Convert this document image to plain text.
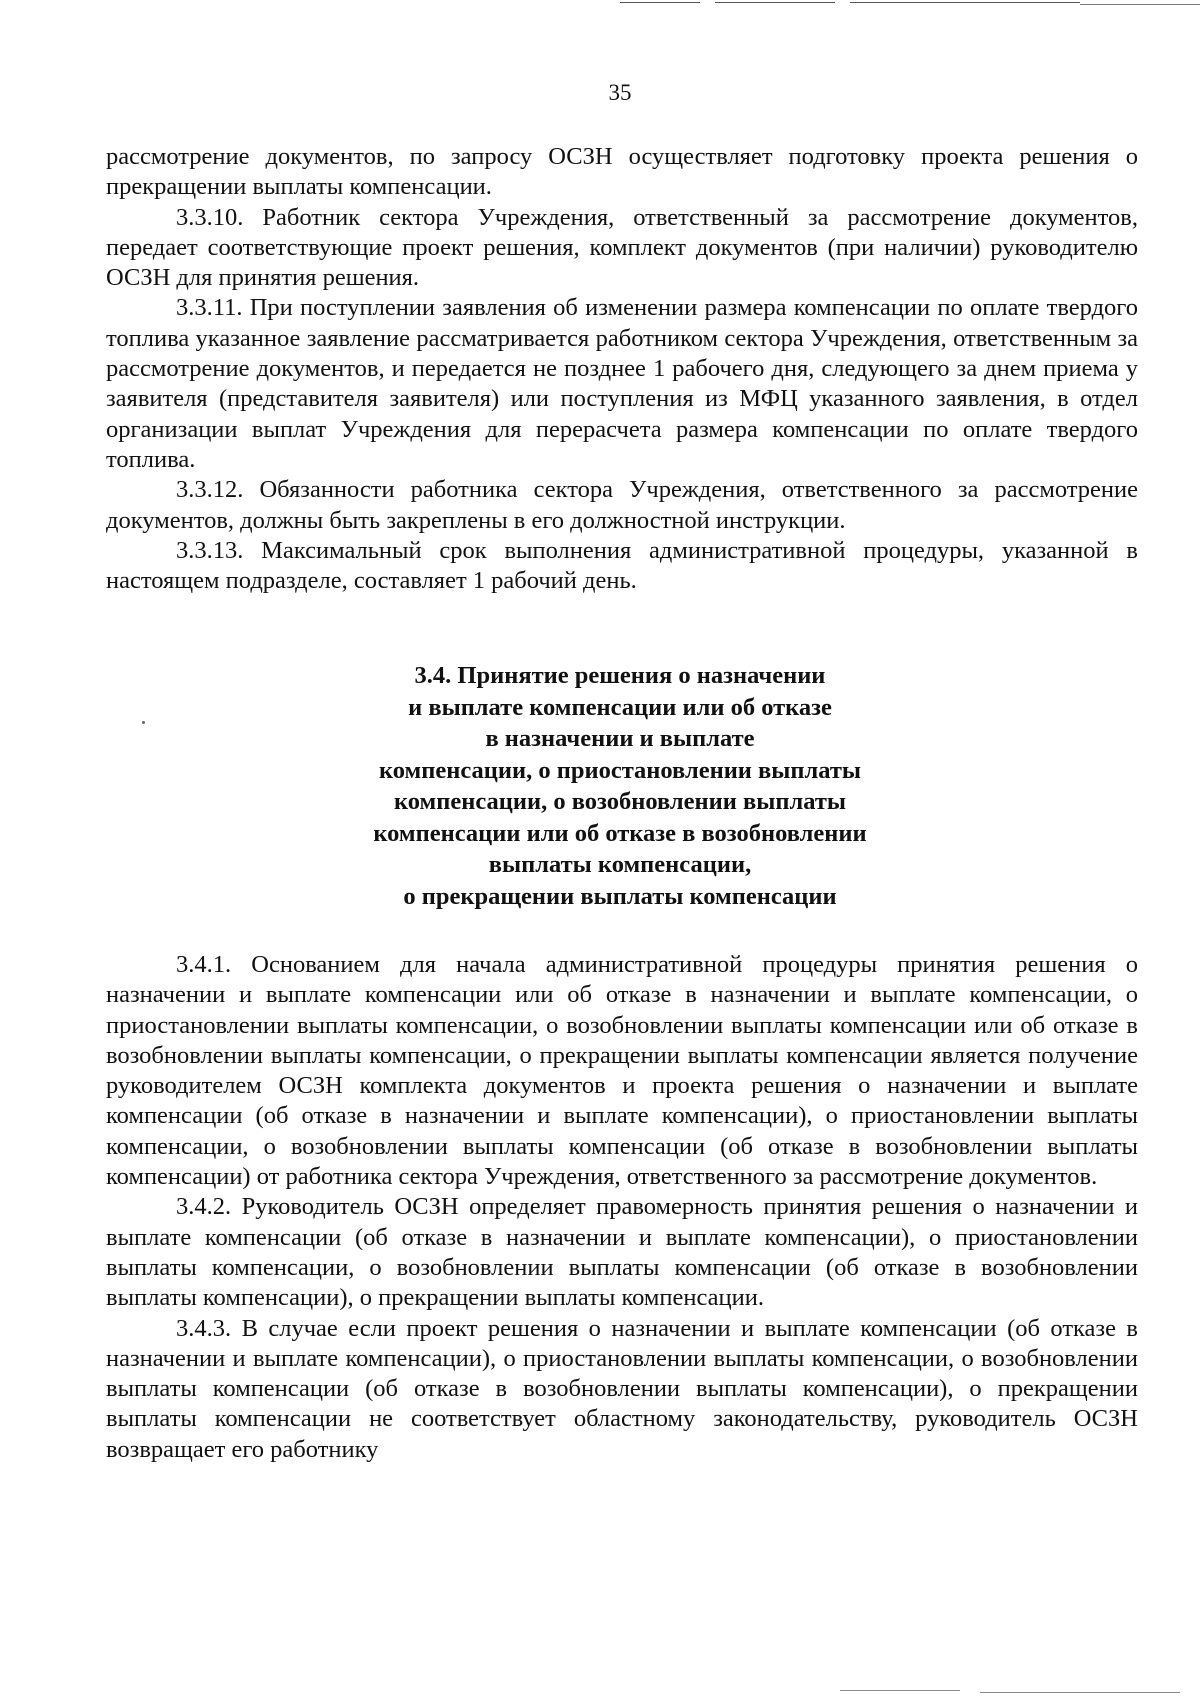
35

рассмотрение документов, по запросу ОСЗН осуществляет подготовку проекта решения о прекращении выплаты компенсации.

3.3.10. Работник сектора Учреждения, ответственный за рассмотрение документов, передает соответствующие проект решения, комплект документов (при наличии) руководителю ОСЗН для принятия решения.

3.3.11. При поступлении заявления об изменении размера компенсации по оплате твердого топлива указанное заявление рассматривается работником сектора Учреждения, ответственным за рассмотрение документов, и передается не позднее 1 рабочего дня, следующего за днем приема у заявителя (представителя заявителя) или поступления из МФЦ указанного заявления, в отдел организации выплат Учреждения для перерасчета размера компенсации по оплате твердого топлива.

3.3.12. Обязанности работника сектора Учреждения, ответственного за рассмотрение документов, должны быть закреплены в его должностной инструкции.

3.3.13. Максимальный срок выполнения административной процедуры, указанной в настоящем подразделе, составляет 1 рабочий день.

3.4. Принятие решения о назначении
и выплате компенсации или об отказе
в назначении и выплате
компенсации, о приостановлении выплаты
компенсации, о возобновлении выплаты
компенсации или об отказе в возобновлении
выплаты компенсации,
о прекращении выплаты компенсации

3.4.1. Основанием для начала административной процедуры принятия решения о назначении и выплате компенсации или об отказе в назначении и выплате компенсации, о приостановлении выплаты компенсации, о возобновлении выплаты компенсации или об отказе в возобновлении выплаты компенсации, о прекращении выплаты компенсации является получение руководителем ОСЗН комплекта документов и проекта решения о назначении и выплате компенсации (об отказе в назначении и выплате компенсации), о приостановлении выплаты компенсации, о возобновлении выплаты компенсации (об отказе в возобновлении выплаты компенсации) от работника сектора Учреждения, ответственного за рассмотрение документов.

3.4.2. Руководитель ОСЗН определяет правомерность принятия решения о назначении и выплате компенсации (об отказе в назначении и выплате компенсации), о приостановлении выплаты компенсации, о возобновлении выплаты компенсации (об отказе в возобновлении выплаты компенсации), о прекращении выплаты компенсации.

3.4.3. В случае если проект решения о назначении и выплате компенсации (об отказе в назначении и выплате компенсации), о приостановлении выплаты компенсации, о возобновлении выплаты компенсации (об отказе в возобновлении выплаты компенсации), о прекращении выплаты компенсации не соответствует областному законодательству, руководитель ОСЗН возвращает его работнику
